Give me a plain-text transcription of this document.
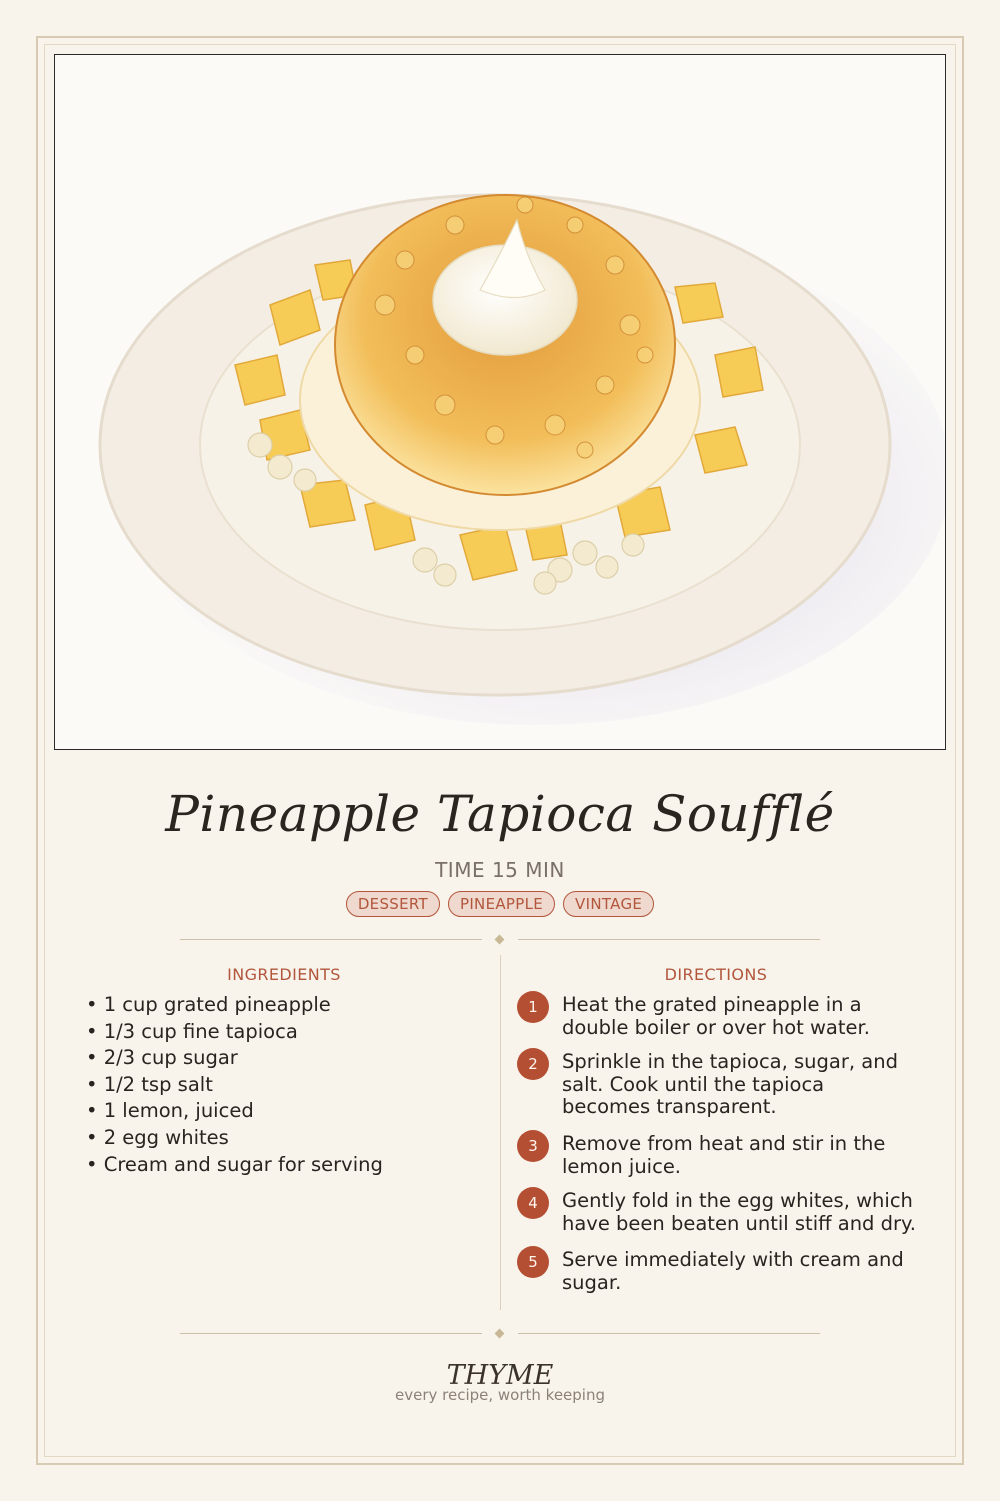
Pineapple Tapioca Soufflé
TIME 15 MIN
DESSERT	PINEAPPLE	VINTAGE
INGREDIENTS	DIRECTIONS
• 1 cup grated pineapple
• 1/3 cup fine tapioca
• 2/3 cup sugar
• 1/2 tsp salt
• 1 lemon, juiced
• 2 egg whites
• Cream and sugar for serving
1	Heat the grated pineapple in a double boiler or over hot water.
2	Sprinkle in the tapioca, sugar, and salt. Cook until the tapioca becomes transparent.
3	Remove from heat and stir in the lemon juice.
4	Gently fold in the egg whites, which have been beaten until stiff and dry.
5	Serve immediately with cream and sugar.
THYME
every recipe, worth keeping
